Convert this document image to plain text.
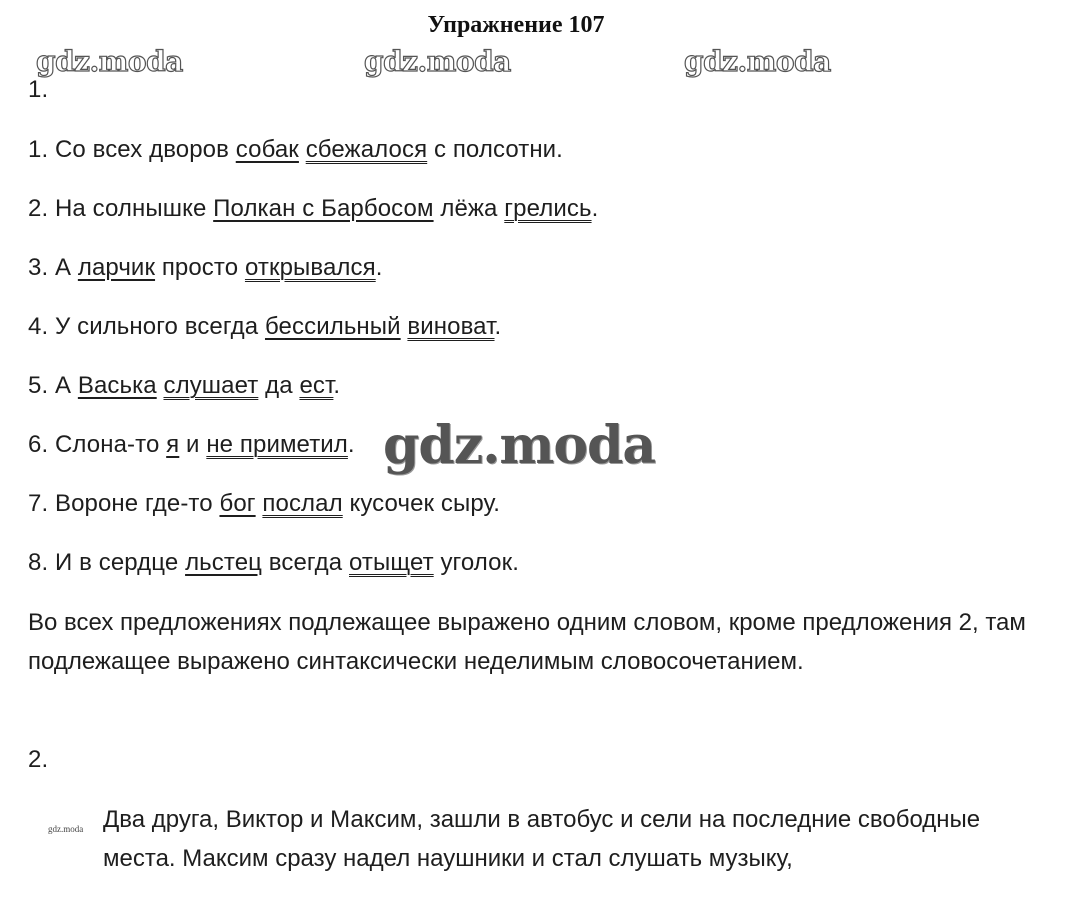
Упражнение 107
gdz.moda	gdz.moda	gdz.moda
1.
1. Со всех дворов собак сбежалося с полсотни.
2. На солнышке Полкан с Барбосом лёжа грелись.
3. А ларчик просто открывался.
4. У сильного всегда бессильный виноват.
5. А Васька слушает да ест.
6. Слона-то я и не приметил.
7. Вороне где-то бог послал кусочек сыру.
8. И в сердце льстец всегда отыщет уголок.
gdz.moda
Во всех предложениях подлежащее выражено одним словом, кроме предложения 2, там подлежащее выражено синтаксически неделимым словосочетанием.
2.
gdz.moda Два друга, Виктор и Максим, зашли в автобус и сели на последние свободные места. Максим сразу надел наушники и стал слушать музыку,
